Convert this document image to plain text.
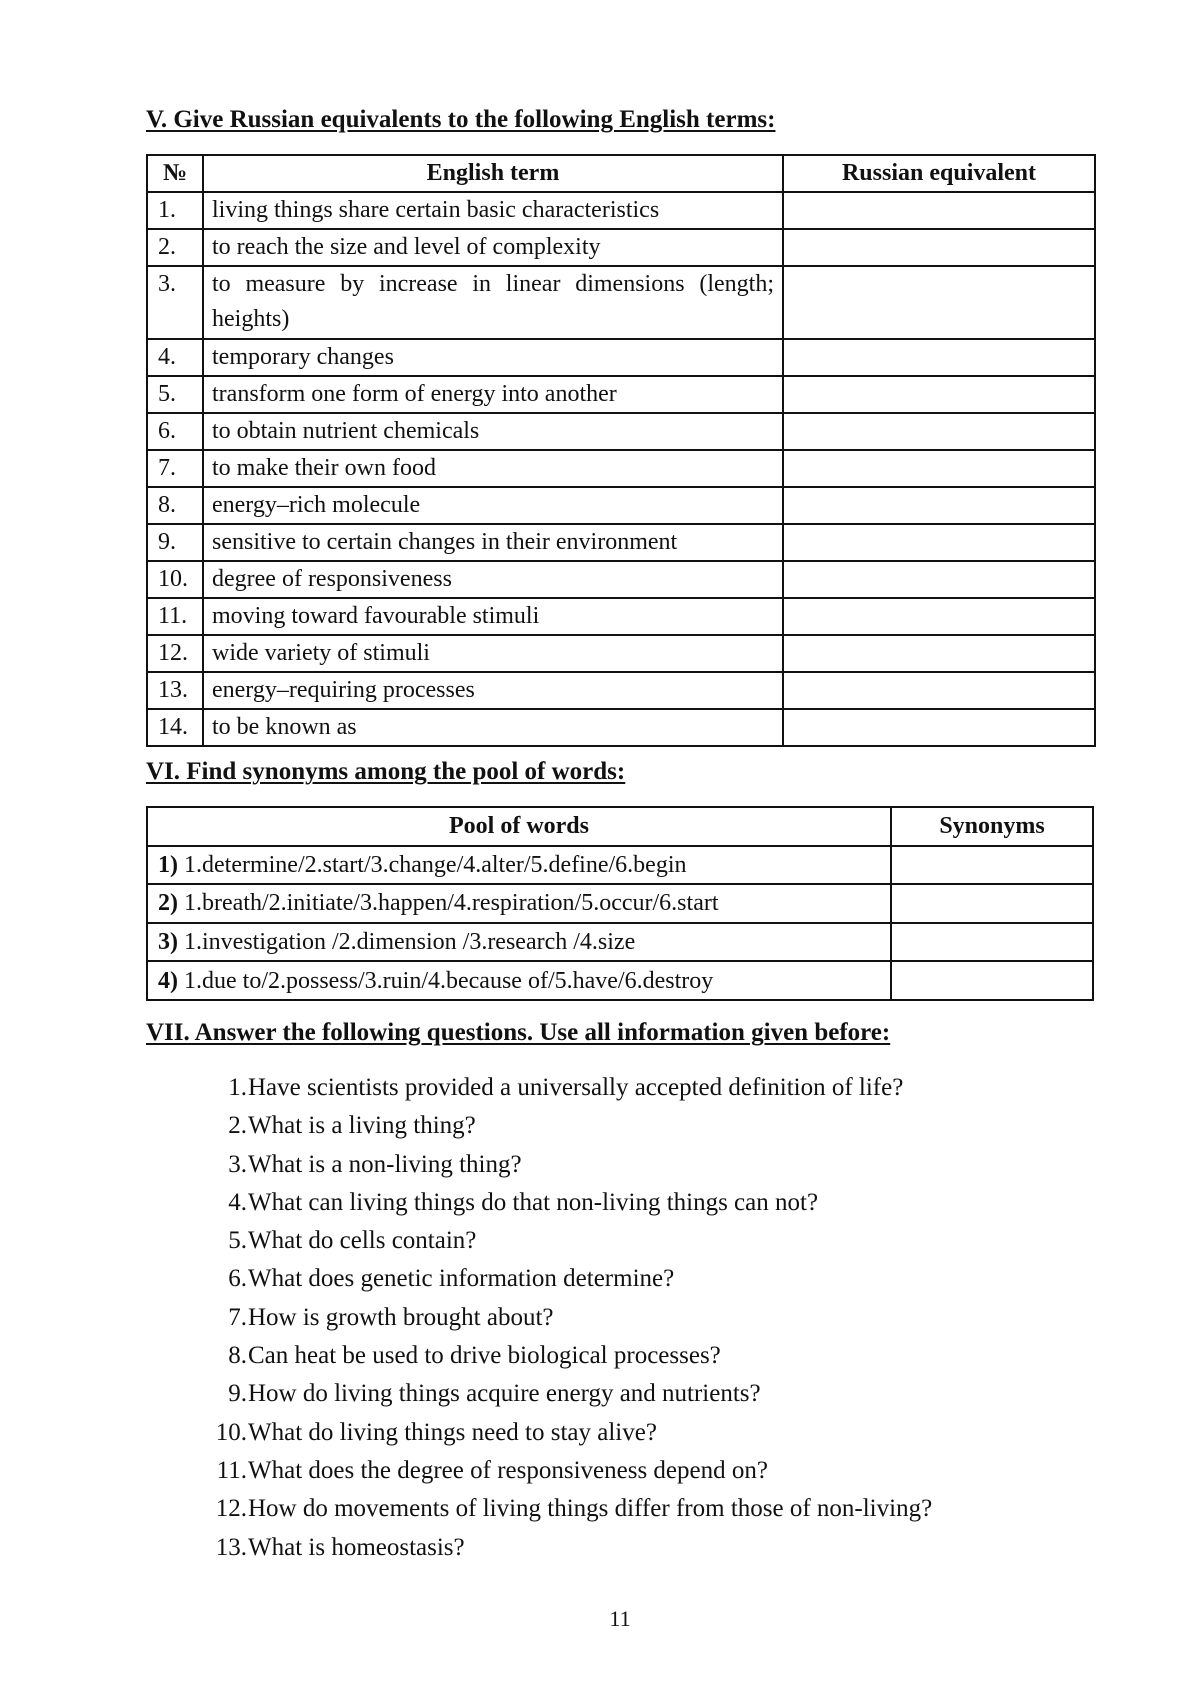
V. Give Russian equivalents to the following English terms:
№	English term	Russian equivalent
1.	living things share certain basic characteristics	
2.	to reach the size and level of complexity	
3.	to measure by increase in linear dimensions (length; heights)	
4.	temporary changes	
5.	transform one form of energy into another	
6.	to obtain nutrient chemicals	
7.	to make their own food	
8.	energy–rich molecule	
9.	sensitive to certain changes in their environment	
10.	degree of responsiveness	
11.	moving toward favourable stimuli	
12.	wide variety of stimuli	
13.	energy–requiring processes	
14.	to be known as	
VI. Find synonyms among the pool of words:
Pool of words	Synonyms
1) 1.determine/2.start/3.change/4.alter/5.define/6.begin	
2) 1.breath/2.initiate/3.happen/4.respiration/5.occur/6.start	
3) 1.investigation /2.dimension /3.research /4.size	
4) 1.due to/2.possess/3.ruin/4.because of/5.have/6.destroy	
VII. Answer the following questions. Use all information given before:
1. Have scientists provided a universally accepted definition of life?
2. What is a living thing?
3. What is a non-living thing?
4. What can living things do that non-living things can not?
5. What do cells contain?
6. What does genetic information determine?
7. How is growth brought about?
8. Can heat be used to drive biological processes?
9. How do living things acquire energy and nutrients?
10. What do living things need to stay alive?
11. What does the degree of responsiveness depend on?
12. How do movements of living things differ from those of non-living?
13. What is homeostasis?
11
